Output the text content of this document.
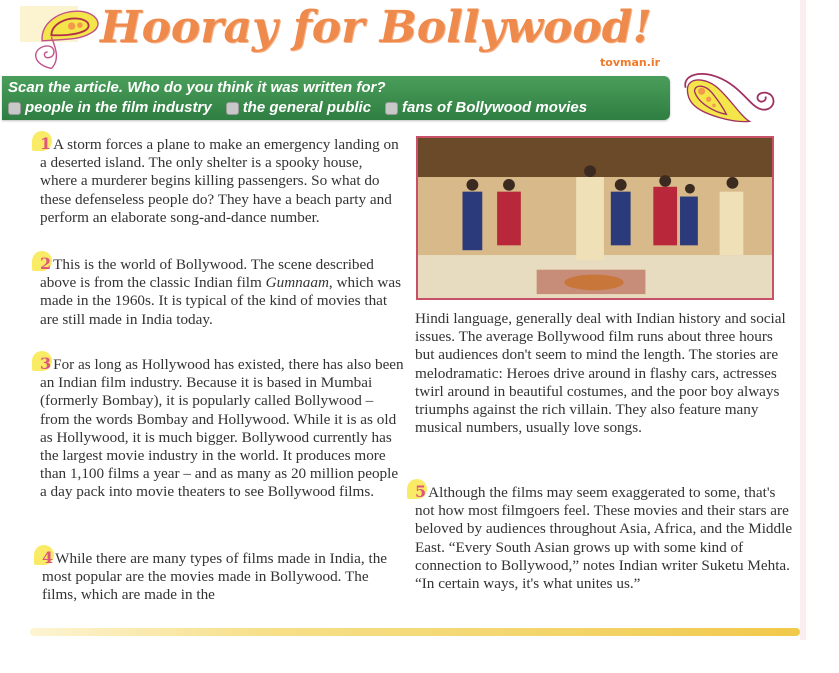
Hooray for Bollywood!
tovman.ir
Scan the article. Who do you think it was written for?
people in the film industry the general public fans of Bollywood movies

1 A storm forces a plane to make an emergency landing on a deserted island. The only shelter is a spooky house, where a murderer begins killing passengers. So what do these defenseless people do? They have a beach party and perform an elaborate song-and-dance number.

2 This is the world of Bollywood. The scene described above is from the classic Indian film Gumnaam, which was made in the 1960s. It is typical of the kind of movies that are still made in India today.

3 For as long as Hollywood has existed, there has also been an Indian film industry. Because it is based in Mumbai (formerly Bombay), it is popularly called Bollywood – from the words Bombay and Hollywood. While it is as old as Hollywood, it is much bigger. Bollywood currently has the largest movie industry in the world. It produces more than 1,100 films a year – and as many as 20 million people a day pack into movie theaters to see Bollywood films.

4 While there are many types of films made in India, the most popular are the movies made in Bollywood. The films, which are made in the

Hindi language, generally deal with Indian history and social issues. The average Bollywood film runs about three hours but audiences don't seem to mind the length. The stories are melodramatic: Heroes drive around in flashy cars, actresses twirl around in beautiful costumes, and the poor boy always triumphs against the rich villain. They also feature many musical numbers, usually love songs.

5 Although the films may seem exaggerated to some, that's not how most filmgoers feel. These movies and their stars are beloved by audiences throughout Asia, Africa, and the Middle East. “Every South Asian grows up with some kind of connection to Bollywood,” notes Indian writer Suketu Mehta. “In certain ways, it's what unites us.”
